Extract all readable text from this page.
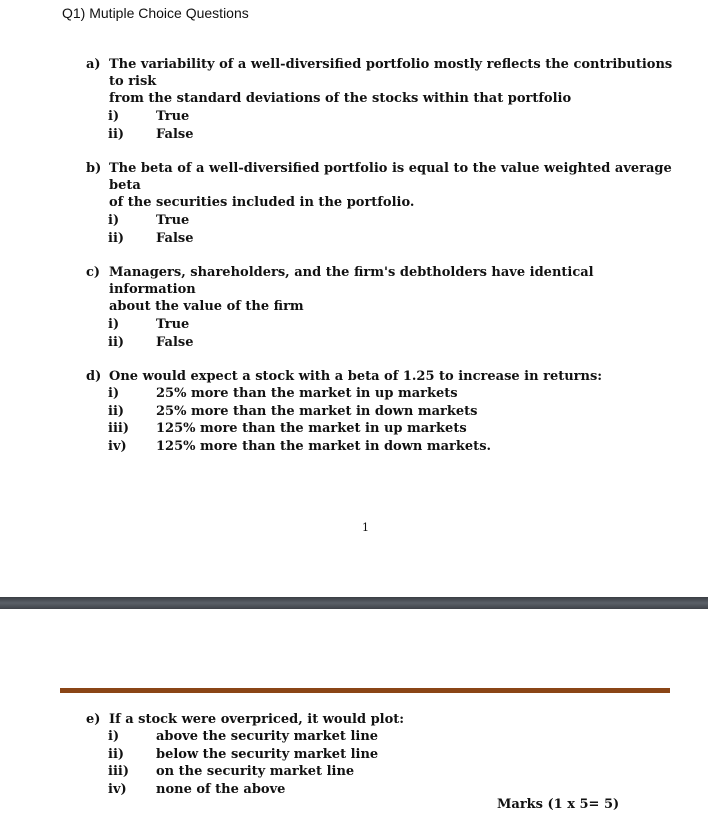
Q1) Mutiple Choice Questions
a) The variability of a well-diversified portfolio mostly reflects the contributions to risk
from the standard deviations of the stocks within that portfolio
i)	True
ii)	False
b) The beta of a well-diversified portfolio is equal to the value weighted average beta
of the securities included in the portfolio.
i)	True
ii)	False
c) Managers, shareholders, and the firm's debtholders have identical information
about the value of the firm
i)	True
ii)	False
d) One would expect a stock with a beta of 1.25 to increase in returns:
i)	25% more than the market in up markets
ii)	25% more than the market in down markets
iii)	125% more than the market in up markets
iv)	125% more than the market in down markets.
1
e) If a stock were overpriced, it would plot:
i)	above the security market line
ii)	below the security market line
iii)	on the security market line
iv)	none of the above
Marks (1 x 5= 5)
